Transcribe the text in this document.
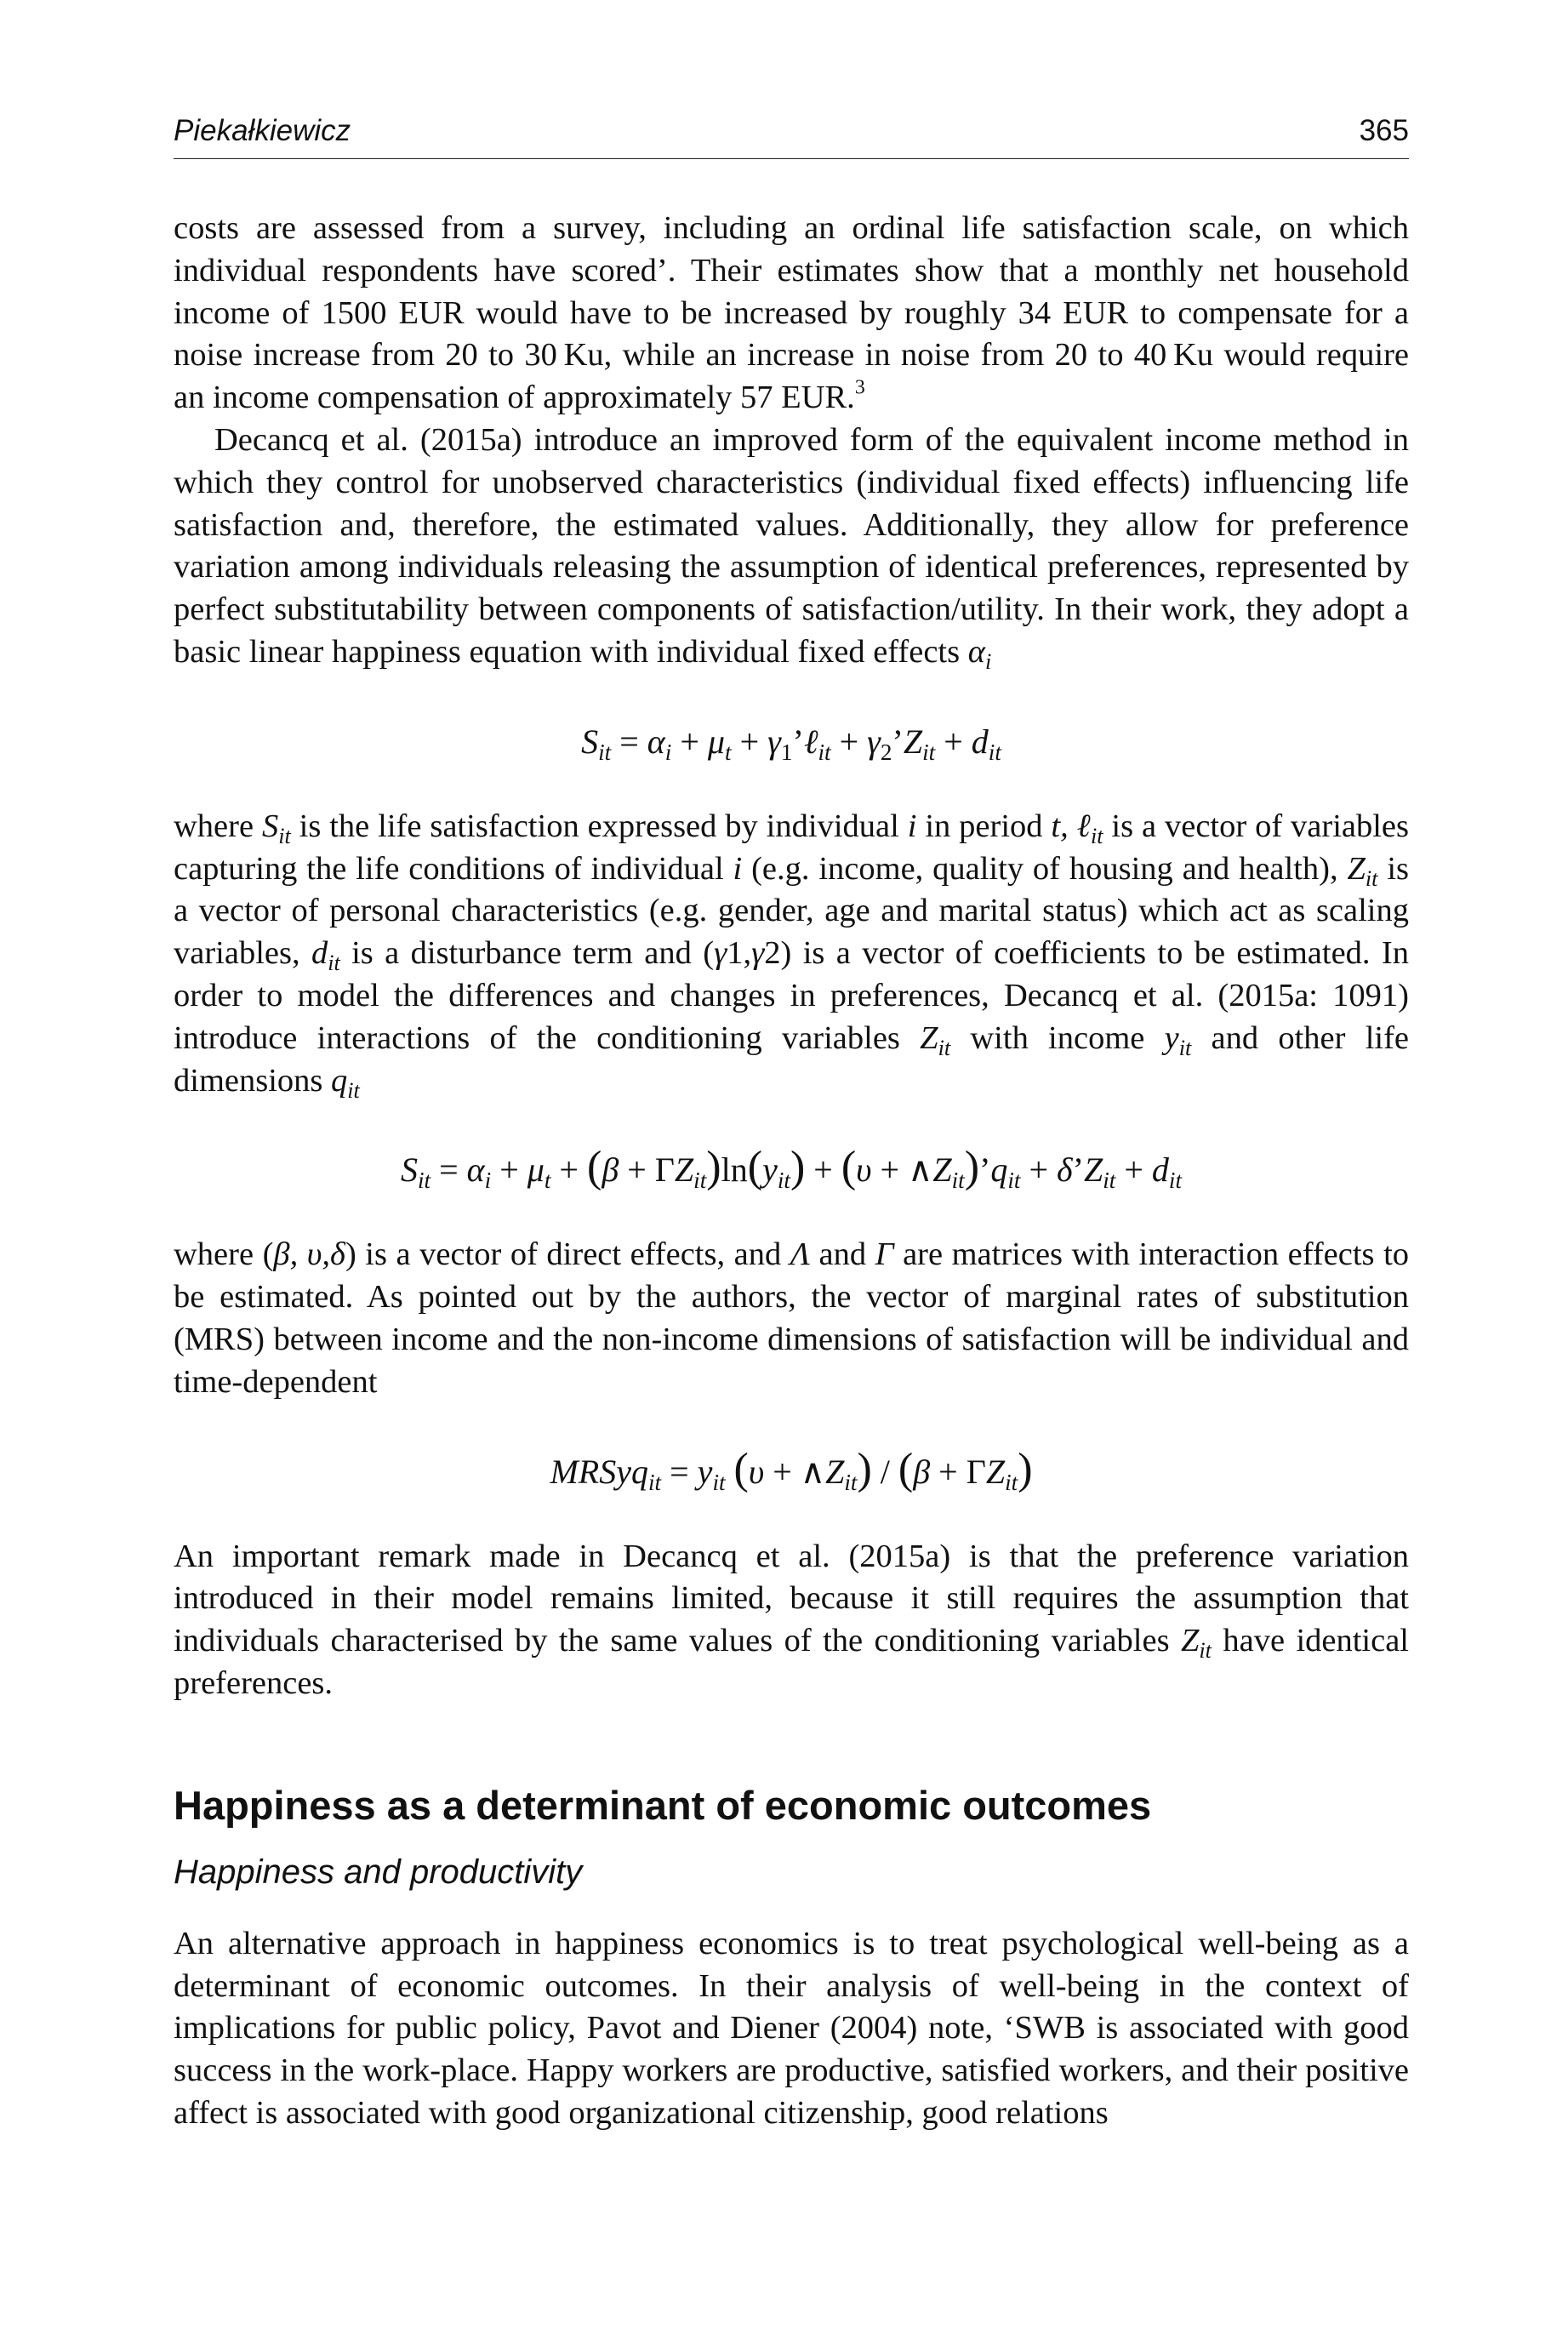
Piekałkiewicz	365

costs are assessed from a survey, including an ordinal life satisfaction scale, on which individual respondents have scored’. Their estimates show that a monthly net household income of 1500 EUR would have to be increased by roughly 34 EUR to compensate for a noise increase from 20 to 30 Ku, while an increase in noise from 20 to 40 Ku would require an income compensation of approximately 57 EUR.$^3$

Decancq et al. (2015a) introduce an improved form of the equivalent income method in which they control for unobserved characteristics (individual fixed effects) influencing life satisfaction and, therefore, the estimated values. Additionally, they allow for preference variation among individuals releasing the assumption of identical preferences, represented by perfect substitutability between components of satisfaction/utility. In their work, they adopt a basic linear happiness equation with individual fixed effects $\alpha_i$

$S_{it} = \alpha_i + \mu_t$ + $\gamma_1’\ell_{it}$ + $\gamma_2’Z_{it} + d_{it}$

where $S_{it}$ is the life satisfaction expressed by individual i in period t, ℓ$_{it}$ is a vector of variables capturing the life conditions of individual i (e.g. income, quality of housing and health), $Z_{it}$ is a vector of personal characteristics (e.g. gender, age and marital status) which act as scaling variables, $d_{it}$ is a disturbance term and (γ1,γ2) is a vector of coefficients to be estimated. In order to model the differences and changes in preferences, Decancq et al. (2015a: 1091) introduce interactions of the conditioning variables $Z_{it}$ with income $y_{it}$ and other life dimensions $q_{it}$

$S_{it} = \alpha_i + \mu_t + (\beta + \Gamma Z_{it})\ln(y_{it}) + (\upsilon$ + $\wedge Z_{it})’q_{it}$ + $\delta’Z_{it} + d_{it}$

where (β, υ,δ) is a vector of direct effects, and Λ and Γ are matrices with interaction effects to be estimated. As pointed out by the authors, the vector of marginal rates of substitution (MRS) between income and the non-income dimensions of satisfaction will be individual and time-dependent

MRSyq$_{it}$ = $y_{it}$ $(\upsilon + \wedge Z_{it}) / (\beta + \Gamma Z_{it})$

An important remark made in Decancq et al. (2015a) is that the preference variation introduced in their model remains limited, because it still requires the assumption that individuals characterised by the same values of the conditioning variables $Z_{it}$ have identical preferences.

Happiness as a determinant of economic outcomes
Happiness and productivity

An alternative approach in happiness economics is to treat psychological well-being as a determinant of economic outcomes. In their analysis of well-being in the context of implications for public policy, Pavot and Diener (2004) note, ‘SWB is associated with good success in the work-place. Happy workers are productive, satisfied workers, and their positive affect is associated with good organizational citizenship, good relations
